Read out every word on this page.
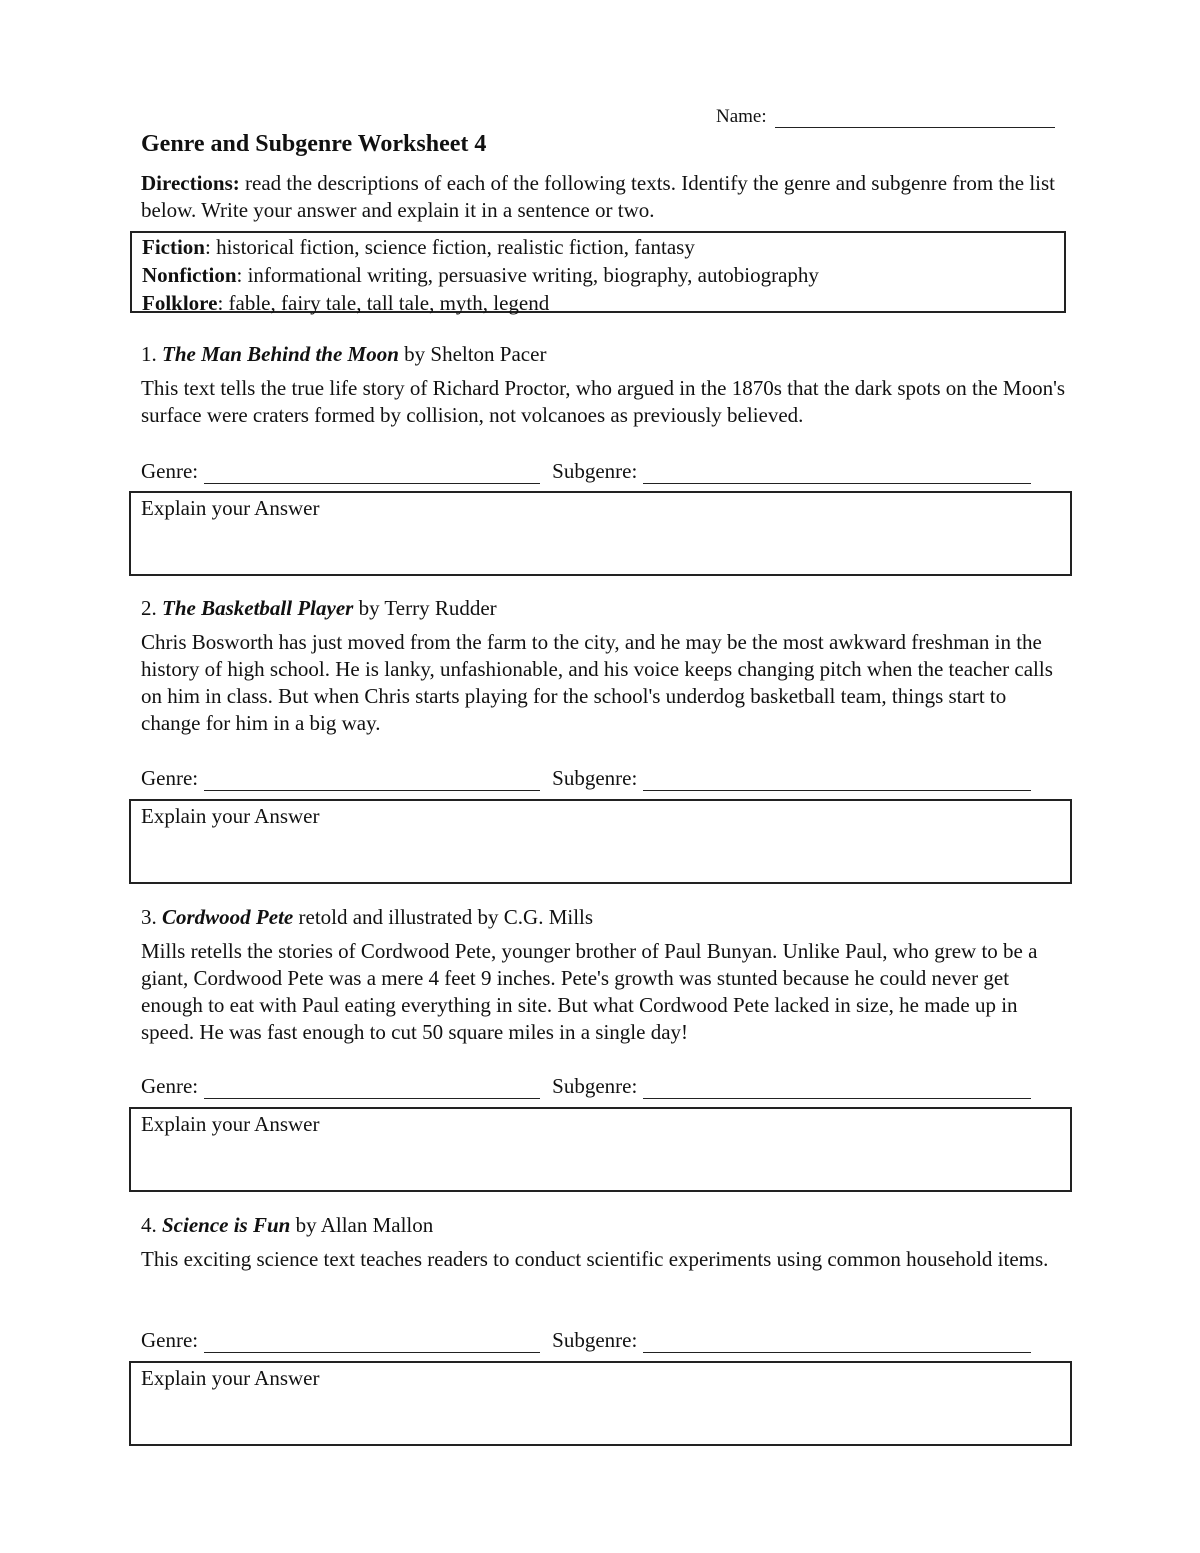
Name:
Genre and Subgenre Worksheet 4
Directions: read the descriptions of each of the following texts. Identify the genre and subgenre from the list below. Write your answer and explain it in a sentence or two.
Fiction: historical fiction, science fiction, realistic fiction, fantasy
Nonfiction: informational writing, persuasive writing, biography, autobiography
Folklore: fable, fairy tale, tall tale, myth, legend

1. The Man Behind the Moon by Shelton Pacer

This text tells the true life story of Richard Proctor, who argued in the 1870s that the dark spots on the Moon's surface were craters formed by collision, not volcanoes as previously believed.
Genre:	Subgenre:
Explain your Answer

2. The Basketball Player by Terry Rudder

Chris Bosworth has just moved from the farm to the city, and he may be the most awkward freshman in the history of high school. He is lanky, unfashionable, and his voice keeps changing pitch when the teacher calls on him in class. But when Chris starts playing for the school's underdog basketball team, things start to change for him in a big way.
Genre:	Subgenre:
Explain your Answer

3. Cordwood Pete retold and illustrated by C.G. Mills

Mills retells the stories of Cordwood Pete, younger brother of Paul Bunyan. Unlike Paul, who grew to be a giant, Cordwood Pete was a mere 4 feet 9 inches. Pete's growth was stunted because he could never get enough to eat with Paul eating everything in site. But what Cordwood Pete lacked in size, he made up in speed. He was fast enough to cut 50 square miles in a single day!
Genre:	Subgenre:
Explain your Answer

4. Science is Fun by Allan Mallon

This exciting science text teaches readers to conduct scientific experiments using common household items.
Genre:	Subgenre:
Explain your Answer
